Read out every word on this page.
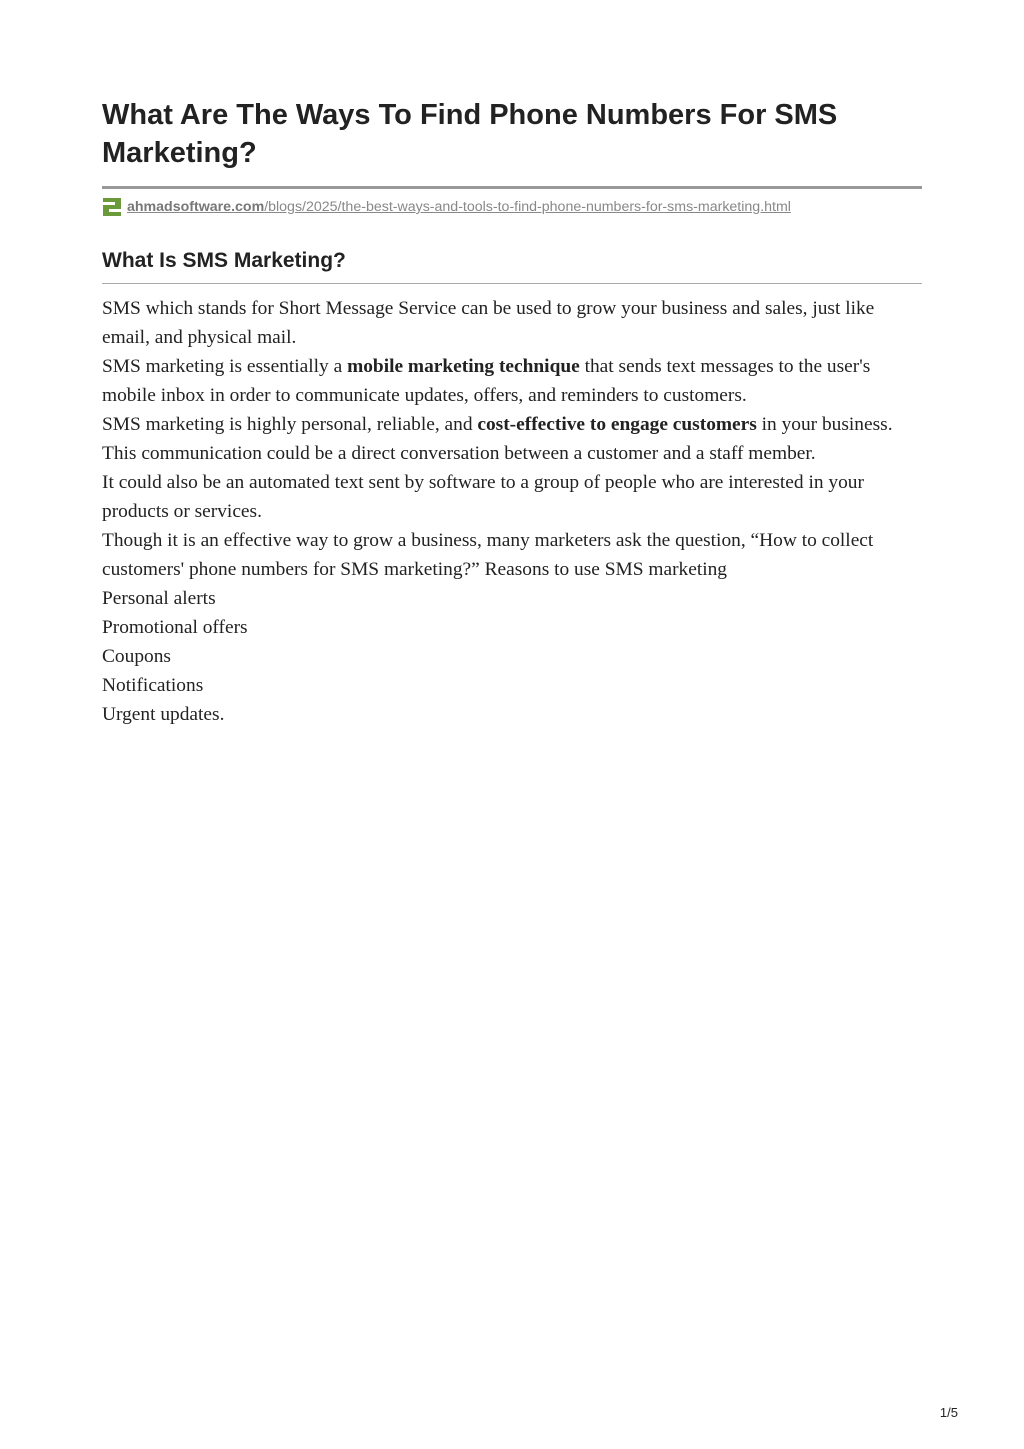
What Are The Ways To Find Phone Numbers For SMS Marketing?
ahmadsoftware.com/blogs/2025/the-best-ways-and-tools-to-find-phone-numbers-for-sms-marketing.html
What Is SMS Marketing?

SMS which stands for Short Message Service can be used to grow your business and sales, just like email, and physical mail.

SMS marketing is essentially a mobile marketing technique that sends text messages to the user's mobile inbox in order to communicate updates, offers, and reminders to customers.

SMS marketing is highly personal, reliable, and cost-effective to engage customers in your business. This communication could be a direct conversation between a customer and a staff member.

It could also be an automated text sent by software to a group of people who are interested in your products or services.

Though it is an effective way to grow a business, many marketers ask the question, “How to collect customers' phone numbers for SMS marketing?” Reasons to use SMS marketing

Personal alerts
Promotional offers
Coupons
Notifications
Urgent updates.
1/5
